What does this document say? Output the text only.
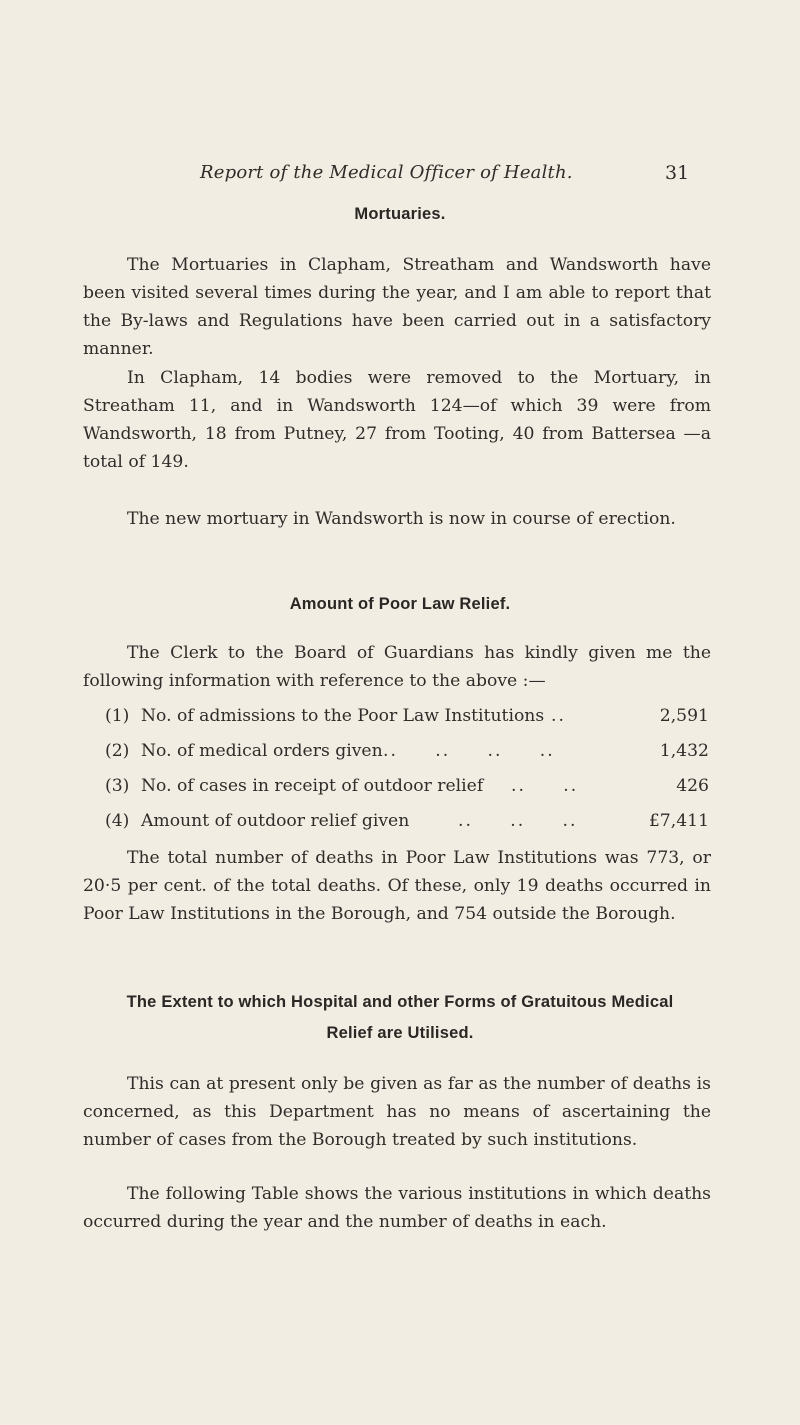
Report of the Medical Officer of Health.	31
Mortuaries.

The Mortuaries in Clapham, Streatham and Wandsworth have been visited several times during the year, and I am able to report that the By-laws and Regulations have been carried out in a satisfactory manner.

In Clapham, 14 bodies were removed to the Mortuary, in Streatham 11, and in Wandsworth 124—of which 39 were from Wandsworth, 18 from Putney, 27 from Tooting, 40 from Battersea —a total of 149.

The new mortuary in Wandsworth is now in course of erection.

Amount of Poor Law Relief.

The Clerk to the Board of Guardians has kindly given me the following information with reference to the above :—

(1) No. of admissions to the Poor Law Institutions ..	2,591
(2) No. of medical orders given ..     ..     ..     ..	1,432
(3) No. of cases in receipt of outdoor relief ..     ..	426
(4) Amount of outdoor relief given	..     ..     ..	£7,411

The total number of deaths in Poor Law Institutions was 773, or 20·5 per cent. of the total deaths. Of these, only 19 deaths occurred in Poor Law Institutions in the Borough, and 754 outside the Borough.

The Extent to which Hospital and other Forms of Gratuitous Medical
Relief are Utilised.

This can at present only be given as far as the number of deaths is concerned, as this Department has no means of ascertaining the number of cases from the Borough treated by such institutions.

The following Table shows the various institutions in which deaths occurred during the year and the number of deaths in each.
